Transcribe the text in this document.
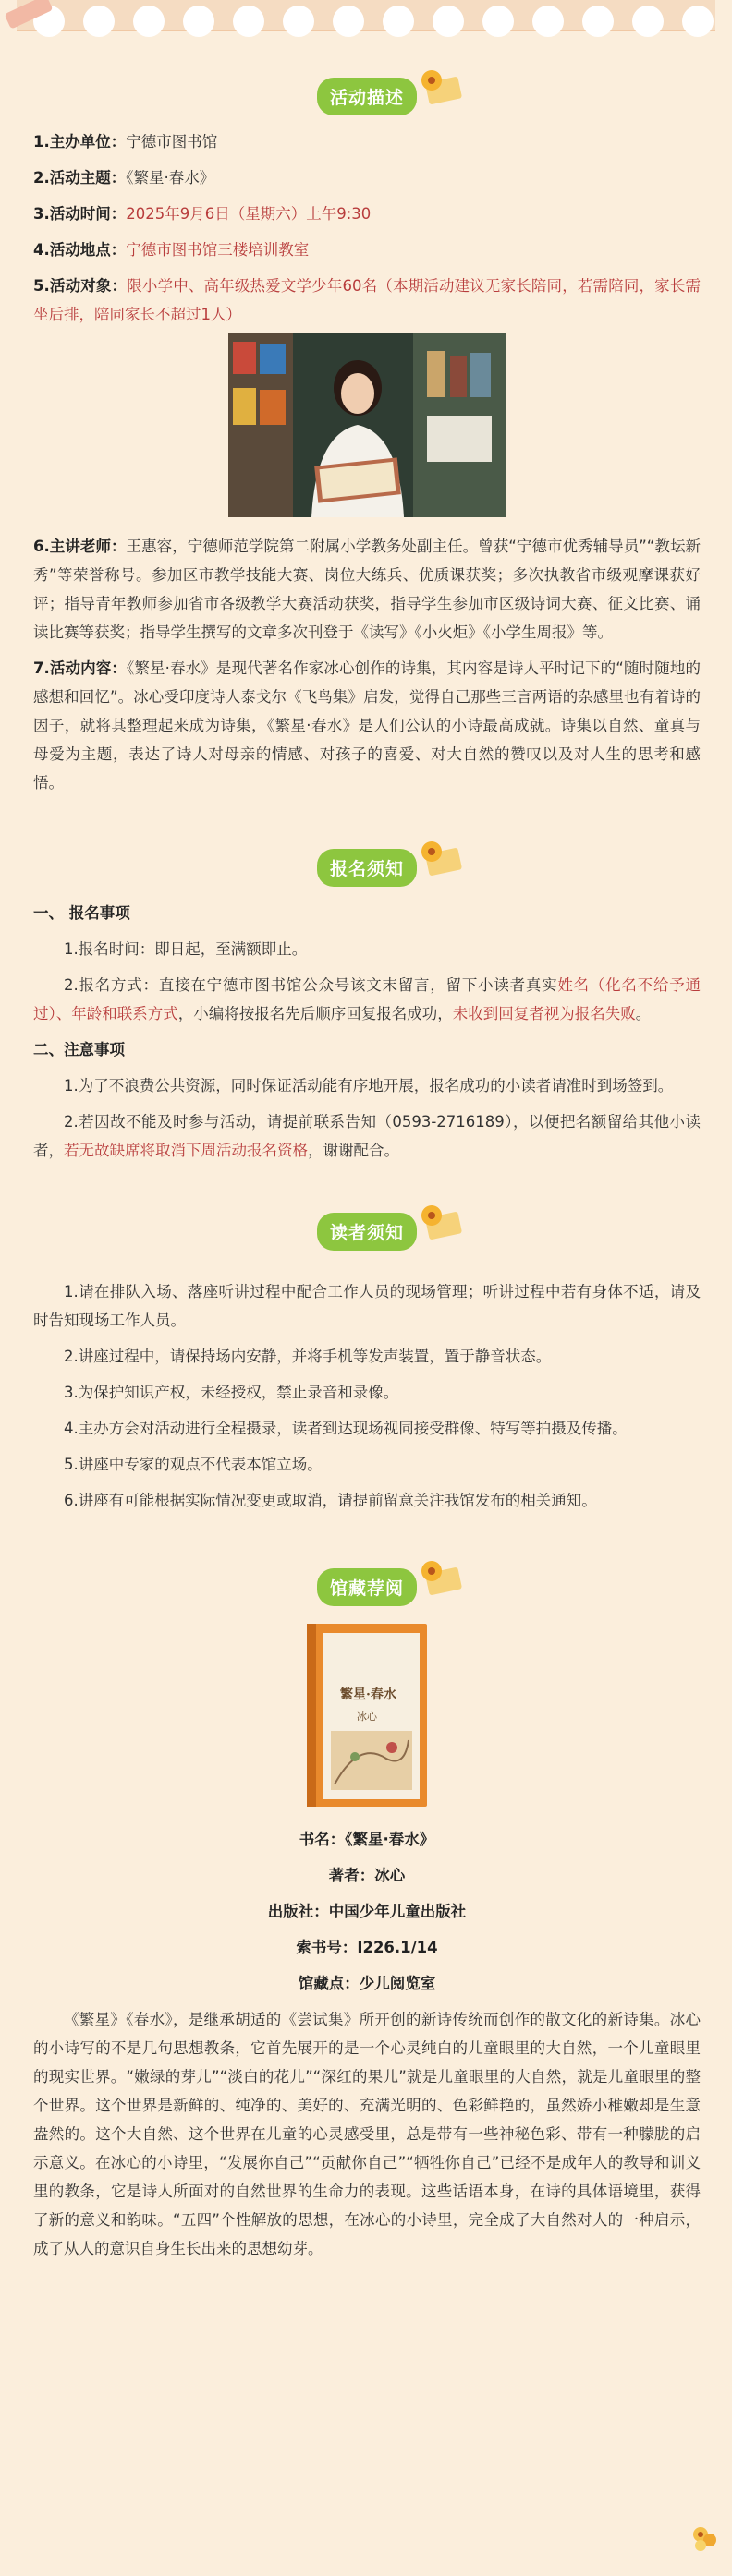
活动描述

1.主办单位：宁德市图书馆

2.活动主题：《繁星·春水》

3.活动时间：2025年9月6日（星期六）上午9:30

4.活动地点：宁德市图书馆三楼培训教室

5.活动对象：限小学中、高年级热爱文学少年60名（本期活动建议无家长陪同，若需陪同，家长需坐后排，陪同家长不超过1人）

6.主讲老师：王惠容，宁德师范学院第二附属小学教务处副主任。曾获“宁德市优秀辅导员”“教坛新秀”等荣誉称号。参加区市教学技能大赛、岗位大练兵、优质课获奖；多次执教省市级观摩课获好评；指导青年教师参加省市各级教学大赛活动获奖，指导学生参加市区级诗词大赛、征文比赛、诵读比赛等获奖；指导学生撰写的文章多次刊登于《读写》《小火炬》《小学生周报》等。

7.活动内容：《繁星·春水》是现代著名作家冰心创作的诗集，其内容是诗人平时记下的“随时随地的感想和回忆”。冰心受印度诗人泰戈尔《飞鸟集》启发，觉得自己那些三言两语的杂感里也有着诗的因子，就将其整理起来成为诗集，《繁星·春水》是人们公认的小诗最高成就。诗集以自然、童真与母爱为主题，表达了诗人对母亲的情感、对孩子的喜爱、对大自然的赞叹以及对人生的思考和感悟。

报名须知

一、 报名事项

1.报名时间：即日起，至满额即止。

2.报名方式：直接在宁德市图书馆公众号该文末留言，留下小读者真实姓名（化名不给予通过）、年龄和联系方式，小编将按报名先后顺序回复报名成功，未收到回复者视为报名失败。

二、注意事项

1.为了不浪费公共资源，同时保证活动能有序地开展，报名成功的小读者请准时到场签到。

2.若因故不能及时参与活动，请提前联系告知（0593-2716189），以便把名额留给其他小读者，若无故缺席将取消下周活动报名资格，谢谢配合。

读者须知

1.请在排队入场、落座听讲过程中配合工作人员的现场管理；听讲过程中若有身体不适，请及时告知现场工作人员。

2.讲座过程中，请保持场内安静，并将手机等发声装置，置于静音状态。

3.为保护知识产权，未经授权，禁止录音和录像。

4.主办方会对活动进行全程摄录，读者到达现场视同接受群像、特写等拍摄及传播。

5.讲座中专家的观点不代表本馆立场。

6.讲座有可能根据实际情况变更或取消，请提前留意关注我馆发布的相关通知。

馆藏荐阅
繁星·春水
冰心

书名：《繁星·春水》

著者：冰心

出版社：中国少年儿童出版社

索书号：I226.1/14

馆藏点：少儿阅览室

《繁星》《春水》，是继承胡适的《尝试集》所开创的新诗传统而创作的散文化的新诗集。冰心的小诗写的不是几句思想教条，它首先展开的是一个心灵纯白的儿童眼里的大自然，一个儿童眼里的现实世界。“嫩绿的芽儿”“淡白的花儿”“深红的果儿”就是儿童眼里的大自然，就是儿童眼里的整个世界。这个世界是新鲜的、纯净的、美好的、充满光明的、色彩鲜艳的，虽然娇小稚嫩却是生意盎然的。这个大自然、这个世界在儿童的心灵感受里，总是带有一些神秘色彩、带有一种朦胧的启示意义。在冰心的小诗里，“发展你自己”“贡献你自己”“牺牲你自己”已经不是成年人的教导和训义里的教条，它是诗人所面对的自然世界的生命力的表现。这些话语本身，在诗的具体语境里，获得了新的意义和韵味。“五四”个性解放的思想，在冰心的小诗里，完全成了大自然对人的一种启示，成了从人的意识自身生长出来的思想幼芽。
